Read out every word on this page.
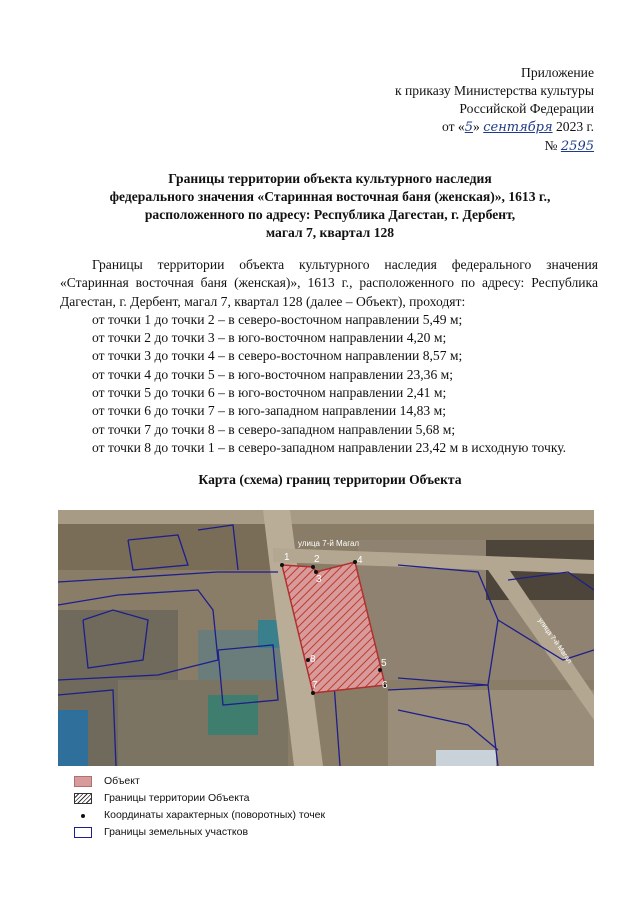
Приложение
к приказу Министерства культуры
Российской Федерации
от «5» сентября 2023 г.
№ 2595
Границы территории объекта культурного наследия
федерального значения «Старинная восточная баня (женская)», 1613 г.,
расположенного по адресу: Республика Дагестан, г. Дербент,
магал 7, квартал 128

Границы территории объекта культурного наследия федерального значения «Старинная восточная баня (женская)», 1613 г., расположенного по адресу: Республика Дагестан, г. Дербент, магал 7, квартал 128 (далее – Объект), проходят:

от точки 1 до точки 2 – в северо-восточном направлении 5,49 м;

от точки 2 до точки 3 – в юго-восточном направлении 4,20 м;

от точки 3 до точки 4 – в северо-восточном направлении 8,57 м;

от точки 4 до точки 5 – в юго-восточном направлении 23,36 м;

от точки 5 до точки 6 – в юго-восточном направлении 2,41 м;

от точки 6 до точки 7 – в юго-западном направлении 14,83 м;

от точки 7 до точки 8 – в северо-западном направлении 5,68 м;

от точки 8 до точки 1 – в северо-западном направлении 23,42 м в исходную точку.

Карта (схема) границ территории Объекта
1 2
3
4
5
6
7
8
улица 7-й Магал
улица 7-й Магал
Объект
Границы территории Объекта
Координаты характерных (поворотных) точек
Границы земельных участков
